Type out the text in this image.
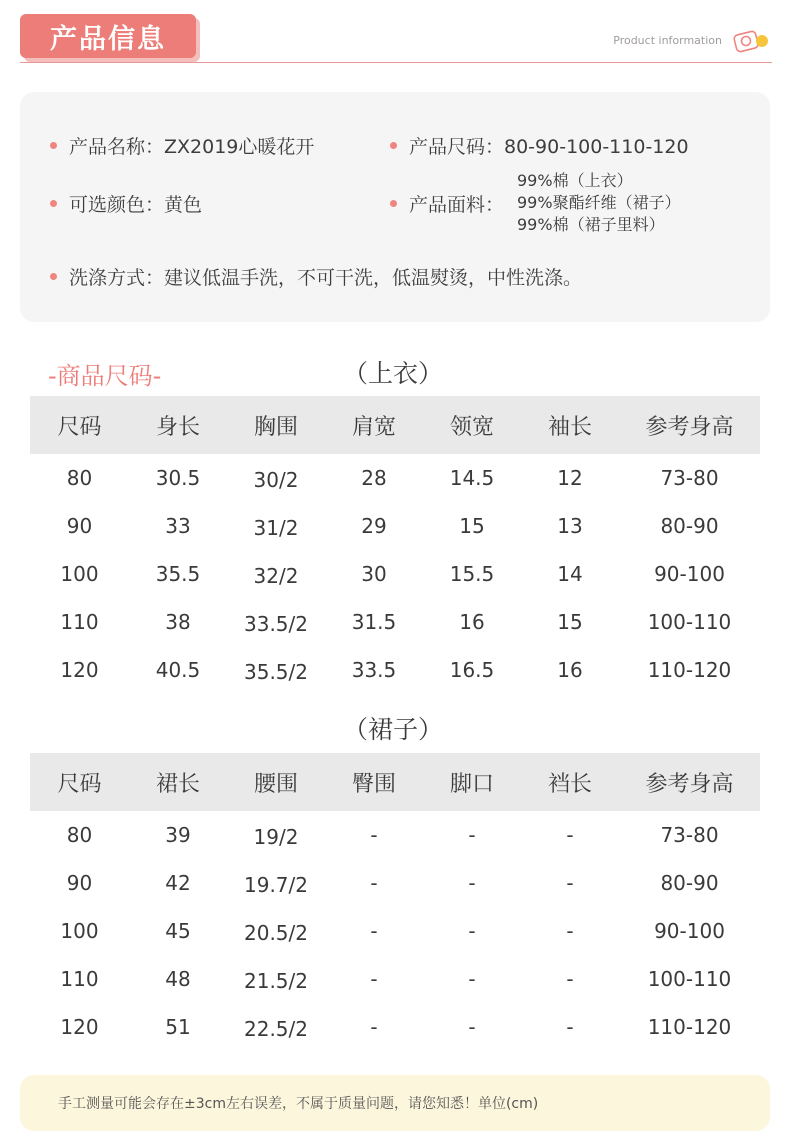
产品信息	Product information
产品名称：ZX2019心暖花开	产品尺码：80-90-100-110-120
可选颜色：黄色	产品面料：
99%棉（上衣）
99%聚酯纤维（裙子）
99%棉（裙子里料）
洗涤方式：建议低温手洗，不可干洗，低温熨烫，中性洗涤。
-商品尺码-	（上衣）
尺码	身长	胸围	肩宽	领宽	袖长	参考身高
80	30.5	30/2	28	14.5	12	73-80
90	33	31/2	29	15	13	80-90
100	35.5	32/2	30	15.5	14	90-100
110	38	33.5/2	31.5	16	15	100-110
120	40.5	35.5/2	33.5	16.5	16	110-120
（裙子）
尺码	裙长	腰围	臀围	脚口	裆长	参考身高
80	39	19/2	-	-	-	73-80
90	42	19.7/2	-	-	-	80-90
100	45	20.5/2	-	-	-	90-100
110	48	21.5/2	-	-	-	100-110
120	51	22.5/2	-	-	-	110-120
手工测量可能会存在±3cm左右误差，不属于质量问题，请您知悉！单位(cm)
